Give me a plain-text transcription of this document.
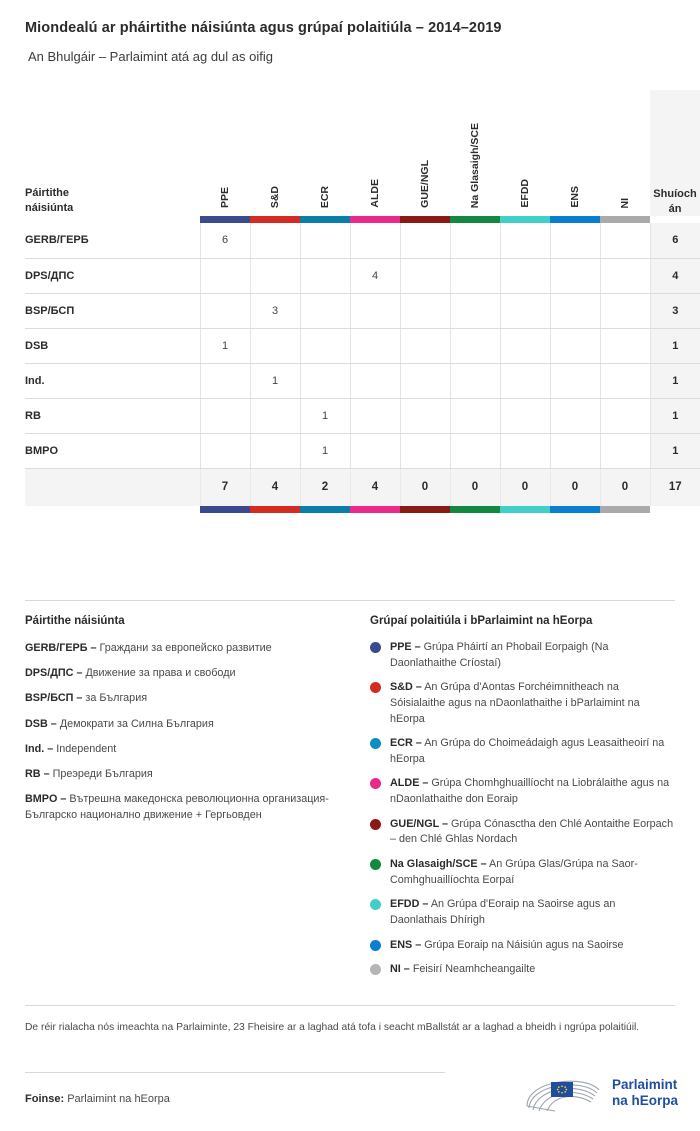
Miondealú ar pháirtithe náisiúnta agus grúpaí polaitiúla – 2014–2019
An Bhulgáir – Parlaimint atá ag dul as oifig
Páirtithe
náisiúnta	PPE	S&D	ECR	ALDE	GUE/NGL	Na Glasaigh/SCE	EFDD	ENS	NI	Shuíoch
án

GERB/ГЕРБ	6									6
DPS/ДПС				4						4
BSP/БСП		3								3
DSB	1									1
Ind.		1								1
RB			1							1
BMPO			1							1
	7	4	2	4	0	0	0	0	0	17

Páirtithe náisiúnta
GERB/ГЕРБ – Граждани за европейско развитие
DPS/ДПС – Движение за права и свободи
BSP/БСП – за България
DSB – Демократи за Силна България
Ind. – Independent
RB – Преэреди България
BMPO – Вътрешна македонска революционна организация-Българско национално движение + Гергьовден
Grúpaí polaitiúla i bParlaimint na hEorpa
PPE – Grúpa Pháirtí an Phobail Eorpaigh (Na Daonlathaithe Críostaí)
S&D – An Grúpa d'Aontas Forchéimnitheach na Sóisialaithe agus na nDaonlathaithe i bParlaimint na hEorpa
ECR – An Grúpa do Choimeádaigh agus Leasaitheoirí na hEorpa
ALDE – Grúpa Chomhghuaillíocht na Liobrálaithe agus na nDaonlathaithe don Eoraip
GUE/NGL – Grúpa Cónasctha den Chlé Aontaithe Eorpach – den Chlé Ghlas Nordach
Na Glasaigh/SCE – An Grúpa Glas/Grúpa na Saor-Comhghuaillíochta Eorpaí
EFDD – An Grúpa d'Eoraip na Saoirse agus an Daonlathais Dhírigh
ENS – Grúpa Eoraip na Náisiún agus na Saoirse
NI – Feisirí Neamhcheangailte
De réir rialacha nós imeachta na Parlaiminte, 23 Fheisire ar a laghad atá tofa i seacht mBallstát ar a laghad a bheidh i ngrúpa polaitiúil.
Foinse: Parlaimint na hEorpa
Parlaimint
na hEorpa
